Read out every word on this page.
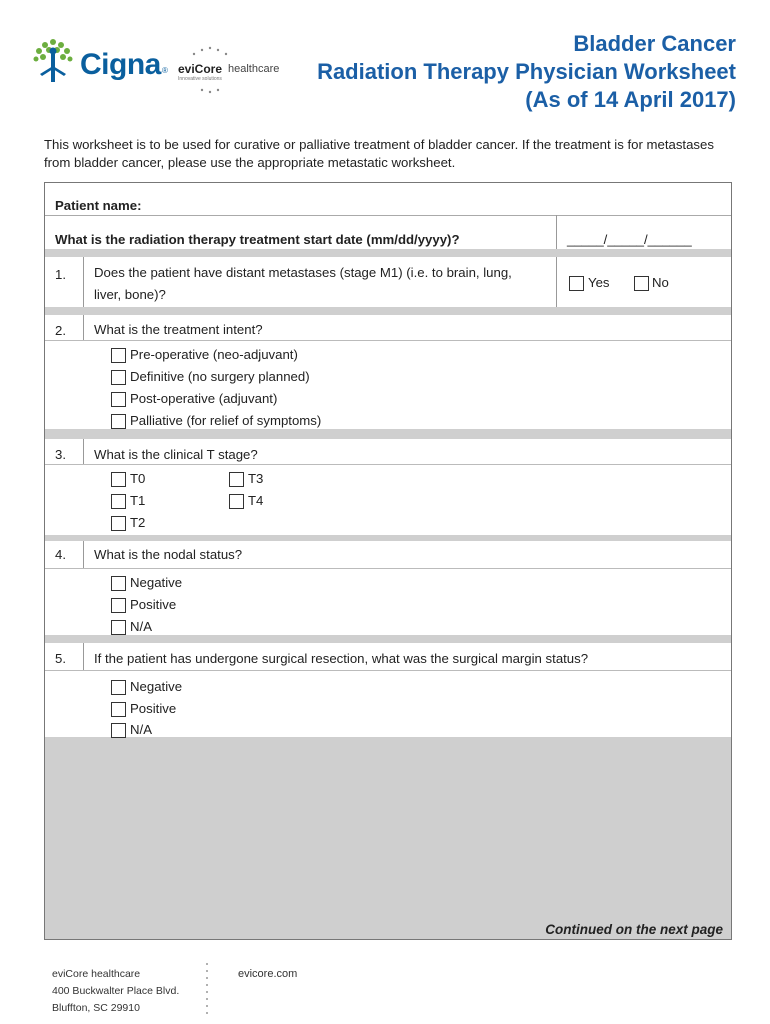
Cigna ® eviCore healthcare
Innovative solutions
Bladder Cancer
Radiation Therapy Physician Worksheet
(As of 14 April 2017)
This worksheet is to be used for curative or palliative treatment of bladder cancer. If the treatment is for metastases from bladder cancer, please use the appropriate metastatic worksheet.
Patient name:
What is the radiation therapy treatment start date (mm/dd/yyyy)?	_____/_____/______
1. Does the patient have distant metastases (stage M1) (i.e. to brain, lung,
liver, bone)?
Yes	No
2. What is the treatment intent?
Pre-operative (neo-adjuvant)
Definitive (no surgery planned)
Post-operative (adjuvant)
Palliative (for relief of symptoms)
3. What is the clinical T stage?
T0
T1
T2
T3
T4
4. What is the nodal status?
Negative
Positive
N/A
5. If the patient has undergone surgical resection, what was the surgical margin status?
Negative
Positive
N/A
Continued on the next page
eviCore healthcare
400 Buckwalter Place Blvd.
Bluffton, SC 29910
evicore.com
